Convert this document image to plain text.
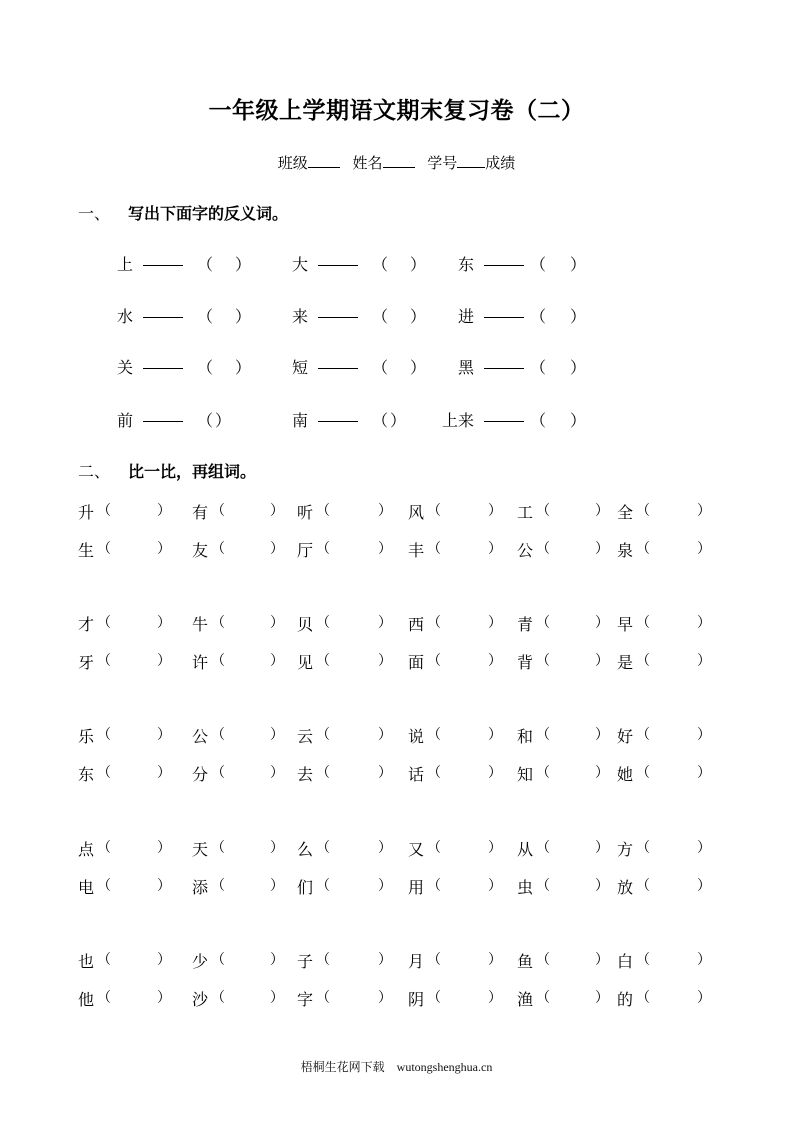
一年级上学期语文期末复习卷（二）
班级	姓名	学号 成绩
一、 写出下面字的反义词。
上	（ ）	大	（ ） 东	（ ）
水	（ ）	来	（ ） 进	（ ）
关	（ ）	短	（ ） 黑	（ ）
前	（ ）	南	（ ） 上来	（ ）
二、 比一比，再组词。
升 （	） 有 （	） 听 （	） 风 （	） 工 （	） 全 （	）
生 （	） 友 （	） 厅 （	） 丰 （	） 公 （	） 泉 （	）
才 （	） 牛 （	） 贝 （	） 西 （	） 青 （	） 早 （	）
牙 （	） 许 （	） 见 （	） 面 （	） 背 （	） 是 （	）
乐 （	） 公 （	） 云 （	） 说 （	） 和 （	） 好 （	）
东 （	） 分 （	） 去 （	） 话 （	） 知 （	） 她 （	）
点 （	） 天 （	） 么 （	） 又 （	） 从 （	） 方 （	）
电 （	） 添 （	） 们 （	） 用 （	） 虫 （	） 放 （	）
也 （	） 少 （	） 子 （	） 月 （	） 鱼 （	） 白 （	）
他 （	） 沙 （	） 字 （	） 阴 （	） 渔 （	） 的 （	）
梧桐生花网下载 wutongshenghua.cn
